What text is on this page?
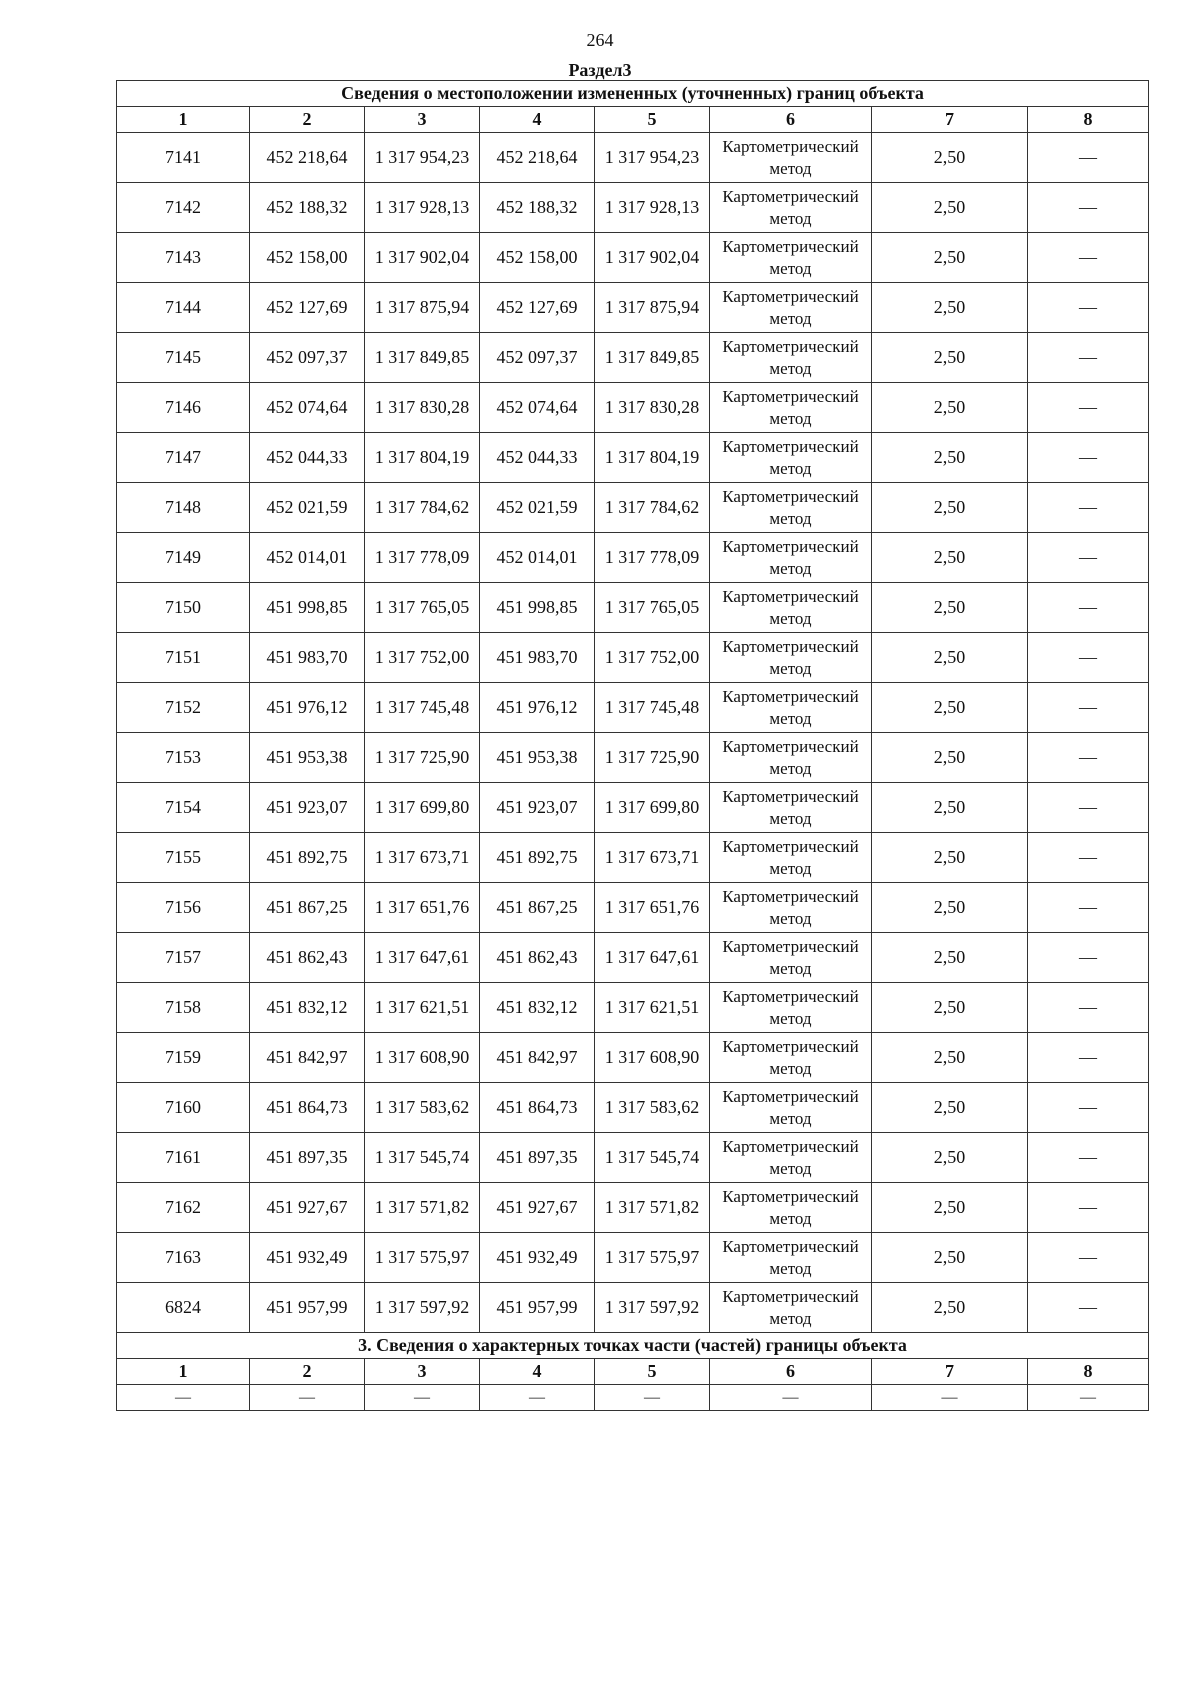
264
Раздел3
Сведения о местоположении измененных (уточненных) границ объекта							
1	2	3	4	5	6	7	8
7141	452 218,64	1 317 954,23	452 218,64	1 317 954,23	Картометрический метод	2,50	—
7142	452 188,32	1 317 928,13	452 188,32	1 317 928,13	Картометрический метод	2,50	—
7143	452 158,00	1 317 902,04	452 158,00	1 317 902,04	Картометрический метод	2,50	—
7144	452 127,69	1 317 875,94	452 127,69	1 317 875,94	Картометрический метод	2,50	—
7145	452 097,37	1 317 849,85	452 097,37	1 317 849,85	Картометрический метод	2,50	—
7146	452 074,64	1 317 830,28	452 074,64	1 317 830,28	Картометрический метод	2,50	—
7147	452 044,33	1 317 804,19	452 044,33	1 317 804,19	Картометрический метод	2,50	—
7148	452 021,59	1 317 784,62	452 021,59	1 317 784,62	Картометрический метод	2,50	—
7149	452 014,01	1 317 778,09	452 014,01	1 317 778,09	Картометрический метод	2,50	—
7150	451 998,85	1 317 765,05	451 998,85	1 317 765,05	Картометрический метод	2,50	—
7151	451 983,70	1 317 752,00	451 983,70	1 317 752,00	Картометрический метод	2,50	—
7152	451 976,12	1 317 745,48	451 976,12	1 317 745,48	Картометрический метод	2,50	—
7153	451 953,38	1 317 725,90	451 953,38	1 317 725,90	Картометрический метод	2,50	—
7154	451 923,07	1 317 699,80	451 923,07	1 317 699,80	Картометрический метод	2,50	—
7155	451 892,75	1 317 673,71	451 892,75	1 317 673,71	Картометрический метод	2,50	—
7156	451 867,25	1 317 651,76	451 867,25	1 317 651,76	Картометрический метод	2,50	—
7157	451 862,43	1 317 647,61	451 862,43	1 317 647,61	Картометрический метод	2,50	—
7158	451 832,12	1 317 621,51	451 832,12	1 317 621,51	Картометрический метод	2,50	—
7159	451 842,97	1 317 608,90	451 842,97	1 317 608,90	Картометрический метод	2,50	—
7160	451 864,73	1 317 583,62	451 864,73	1 317 583,62	Картометрический метод	2,50	—
7161	451 897,35	1 317 545,74	451 897,35	1 317 545,74	Картометрический метод	2,50	—
7162	451 927,67	1 317 571,82	451 927,67	1 317 571,82	Картометрический метод	2,50	—
7163	451 932,49	1 317 575,97	451 932,49	1 317 575,97	Картометрический метод	2,50	—
6824	451 957,99	1 317 597,92	451 957,99	1 317 597,92	Картометрический метод	2,50	—
3. Сведения о характерных точках части (частей) границы объекта							
1	2	3	4	5	6	7	8
—	—	—	—	—	—	—	—
